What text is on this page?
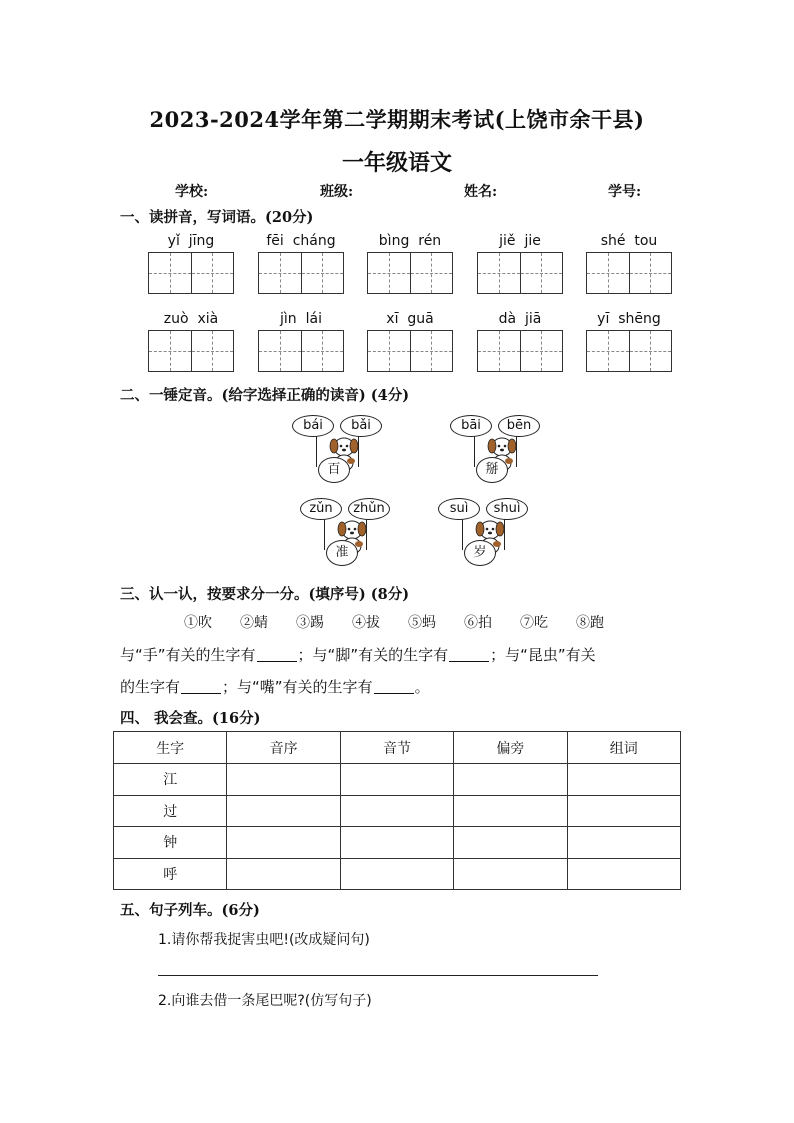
2023-2024学年第二学期期末考试(上饶市余干县)
一年级语文
学校:	班级:	姓名:	学号:
一、读拼音，写词语。(20分)
yǐ jīng	fēi cháng	bìng rén	jiě jie	shé tou
zuò xià	jìn lái	xī guā	dà jiā	yī shēng
二、一锤定音。(给字选择正确的读音) (4分)
bái	bǎi
百
bāi	bēn
掰
zǔn	zhǔn
准
suì	shuì
岁
三、认一认，按要求分一分。(填序号) (8分)
①吹 ②蜻 ③踢 ④拔 ⑤蚂 ⑥拍 ⑦吃 ⑧跑
与“手”有关的生字有	；与“脚”有关的生字有	；与“昆虫”有关
的生字有	；与“嘴”有关的生字有	。
四、 我会查。(16分)
生字	音序	音节	偏旁	组词
江				
过				
钟				
呼				
五、句子列车。(6分)
1.请你帮我捉害虫吧!(改成疑问句)
2.向谁去借一条尾巴呢?(仿写句子)
